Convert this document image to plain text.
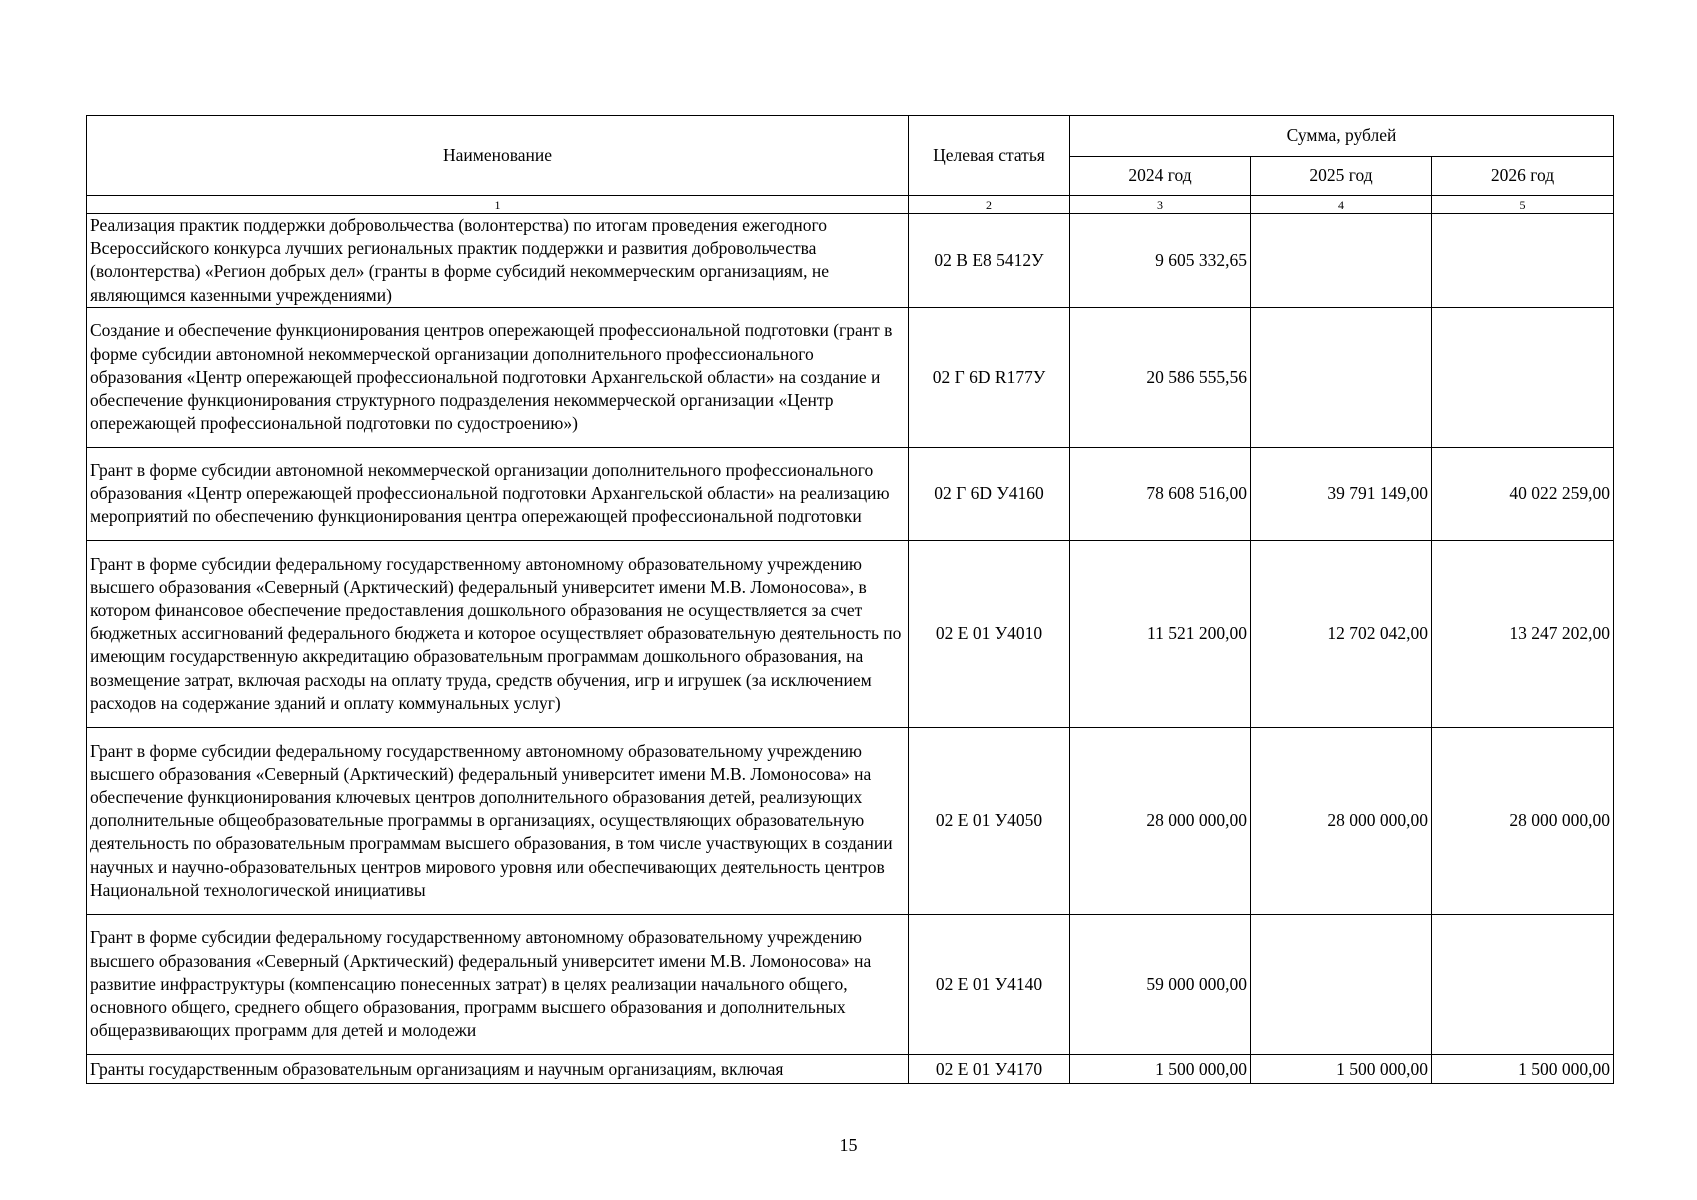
Наименование	Целевая статья	Сумма, рублей		
		2024 год	2025 год	2026 год
1	2	3	4	5
Реализация практик поддержки добровольчества (волонтерства) по итогам проведения ежегодного Всероссийского конкурса лучших региональных практик поддержки и развития добровольчества (волонтерства) «Регион добрых дел» (гранты в форме субсидий некоммерческим организациям, не являющимся казенными учреждениями)	02 В Е8 5412У	9 605 332,65		
Создание и обеспечение функционирования центров опережающей профессиональной подготовки (грант в форме субсидии автономной некоммерческой организации дополнительного профессионального образования «Центр опережающей профессиональной подготовки Архангельской области» на создание и обеспечение функционирования структурного подразделения некоммерческой организации «Центр опережающей профессиональной подготовки по судостроению»)	02 Г 6D R177У	20 586 555,56		
Грант в форме субсидии автономной некоммерческой организации дополнительного профессионального образования «Центр опережающей профессиональной подготовки Архангельской области» на реализацию мероприятий по обеспечению функционирования центра опережающей профессиональной подготовки	02 Г 6D У4160	78 608 516,00	39 791 149,00	40 022 259,00
Грант в форме субсидии федеральному государственному автономному образовательному учреждению высшего образования «Северный (Арктический) федеральный университет имени М.В. Ломоносова», в котором финансовое обеспечение предоставления дошкольного образования не осуществляется за счет бюджетных ассигнований федерального бюджета и которое осуществляет образовательную деятельность по имеющим государственную аккредитацию образовательным программам дошкольного образования, на возмещение затрат, включая расходы на оплату труда, средств обучения, игр и игрушек (за исключением расходов на содержание зданий и оплату коммунальных услуг)	02 Е 01 У4010	11 521 200,00	12 702 042,00	13 247 202,00
Грант в форме субсидии федеральному государственному автономному образовательному учреждению высшего образования «Северный (Арктический) федеральный университет имени М.В. Ломоносова» на обеспечение функционирования ключевых центров дополнительного образования детей, реализующих дополнительные общеобразовательные программы в организациях, осуществляющих образовательную деятельность по образовательным программам высшего образования, в том числе участвующих в создании научных и научно-образовательных центров мирового уровня или обеспечивающих деятельность центров Национальной технологической инициативы	02 Е 01 У4050	28 000 000,00	28 000 000,00	28 000 000,00
Грант в форме субсидии федеральному государственному автономному образовательному учреждению высшего образования «Северный (Арктический) федеральный университет имени М.В. Ломоносова» на развитие инфраструктуры (компенсацию понесенных затрат) в целях реализации начального общего, основного общего, среднего общего образования, программ высшего образования и дополнительных общеразвивающих программ для детей и молодежи	02 Е 01 У4140	59 000 000,00		
Гранты государственным образовательным организациям и научным организациям, включая	02 Е 01 У4170	1 500 000,00	1 500 000,00	1 500 000,00
15
